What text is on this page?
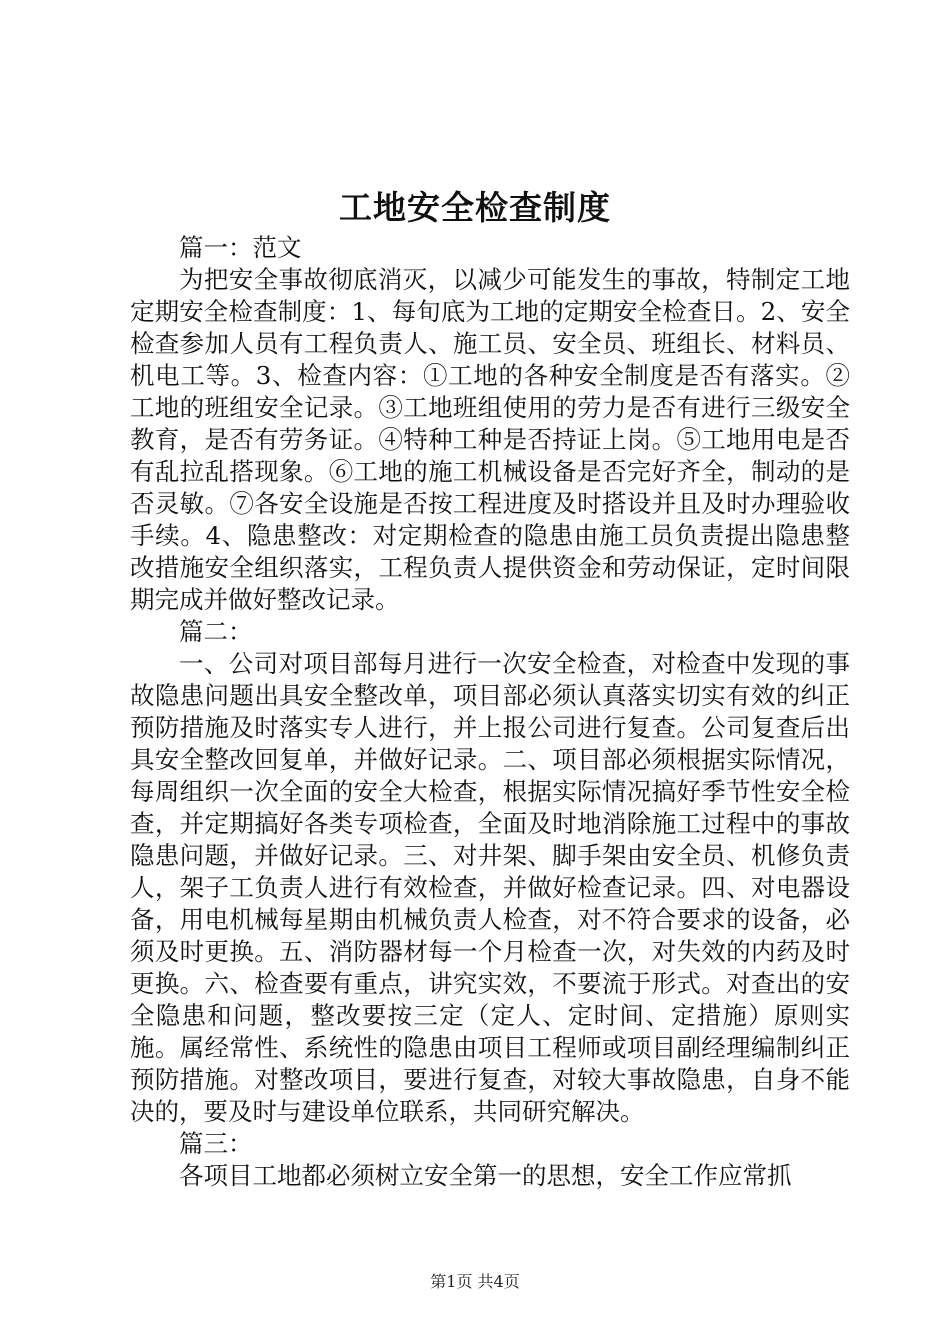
工地安全检查制度

篇一：范文

为把安全事故彻底消灭，以减少可能发生的事故，特制定工地定期安全检查制度：1、每旬底为工地的定期安全检查日。2、安全检查参加人员有工程负责人、施工员、安全员、班组长、材料员、机电工等。3、检查内容：①工地的各种安全制度是否有落实。②工地的班组安全记录。③工地班组使用的劳力是否有进行三级安全教育，是否有劳务证。④特种工种是否持证上岗。⑤工地用电是否有乱拉乱搭现象。⑥工地的施工机械设备是否完好齐全，制动的是否灵敏。⑦各安全设施是否按工程进度及时搭设并且及时办理验收手续。4、隐患整改：对定期检查的隐患由施工员负责提出隐患整改措施安全组织落实，工程负责人提供资金和劳动保证，定时间限期完成并做好整改记录。

篇二：

一、公司对项目部每月进行一次安全检查，对检查中发现的事故隐患问题出具安全整改单，项目部必须认真落实切实有效的纠正预防措施及时落实专人进行，并上报公司进行复查。公司复查后出具安全整改回复单，并做好记录。二、项目部必须根据实际情况，每周组织一次全面的安全大检查，根据实际情况搞好季节性安全检查，并定期搞好各类专项检查，全面及时地消除施工过程中的事故隐患问题，并做好记录。三、对井架、脚手架由安全员、机修负责人，架子工负责人进行有效检查，并做好检查记录。四、对电器设备，用电机械每星期由机械负责人检查，对不符合要求的设备，必须及时更换。五、消防器材每一个月检查一次，对失效的内药及时更换。六、检查要有重点，讲究实效，不要流于形式。对查出的安全隐患和问题，整改要按三定（定人、定时间、定措施）原则实施。属经常性、系统性的隐患由项目工程师或项目副经理编制纠正预防措施。对整改项目，要进行复查，对较大事故隐患，自身不能决的，要及时与建设单位联系，共同研究解决。

篇三：

各项目工地都必须树立安全第一的思想，安全工作应常抓

第1页 共4页
